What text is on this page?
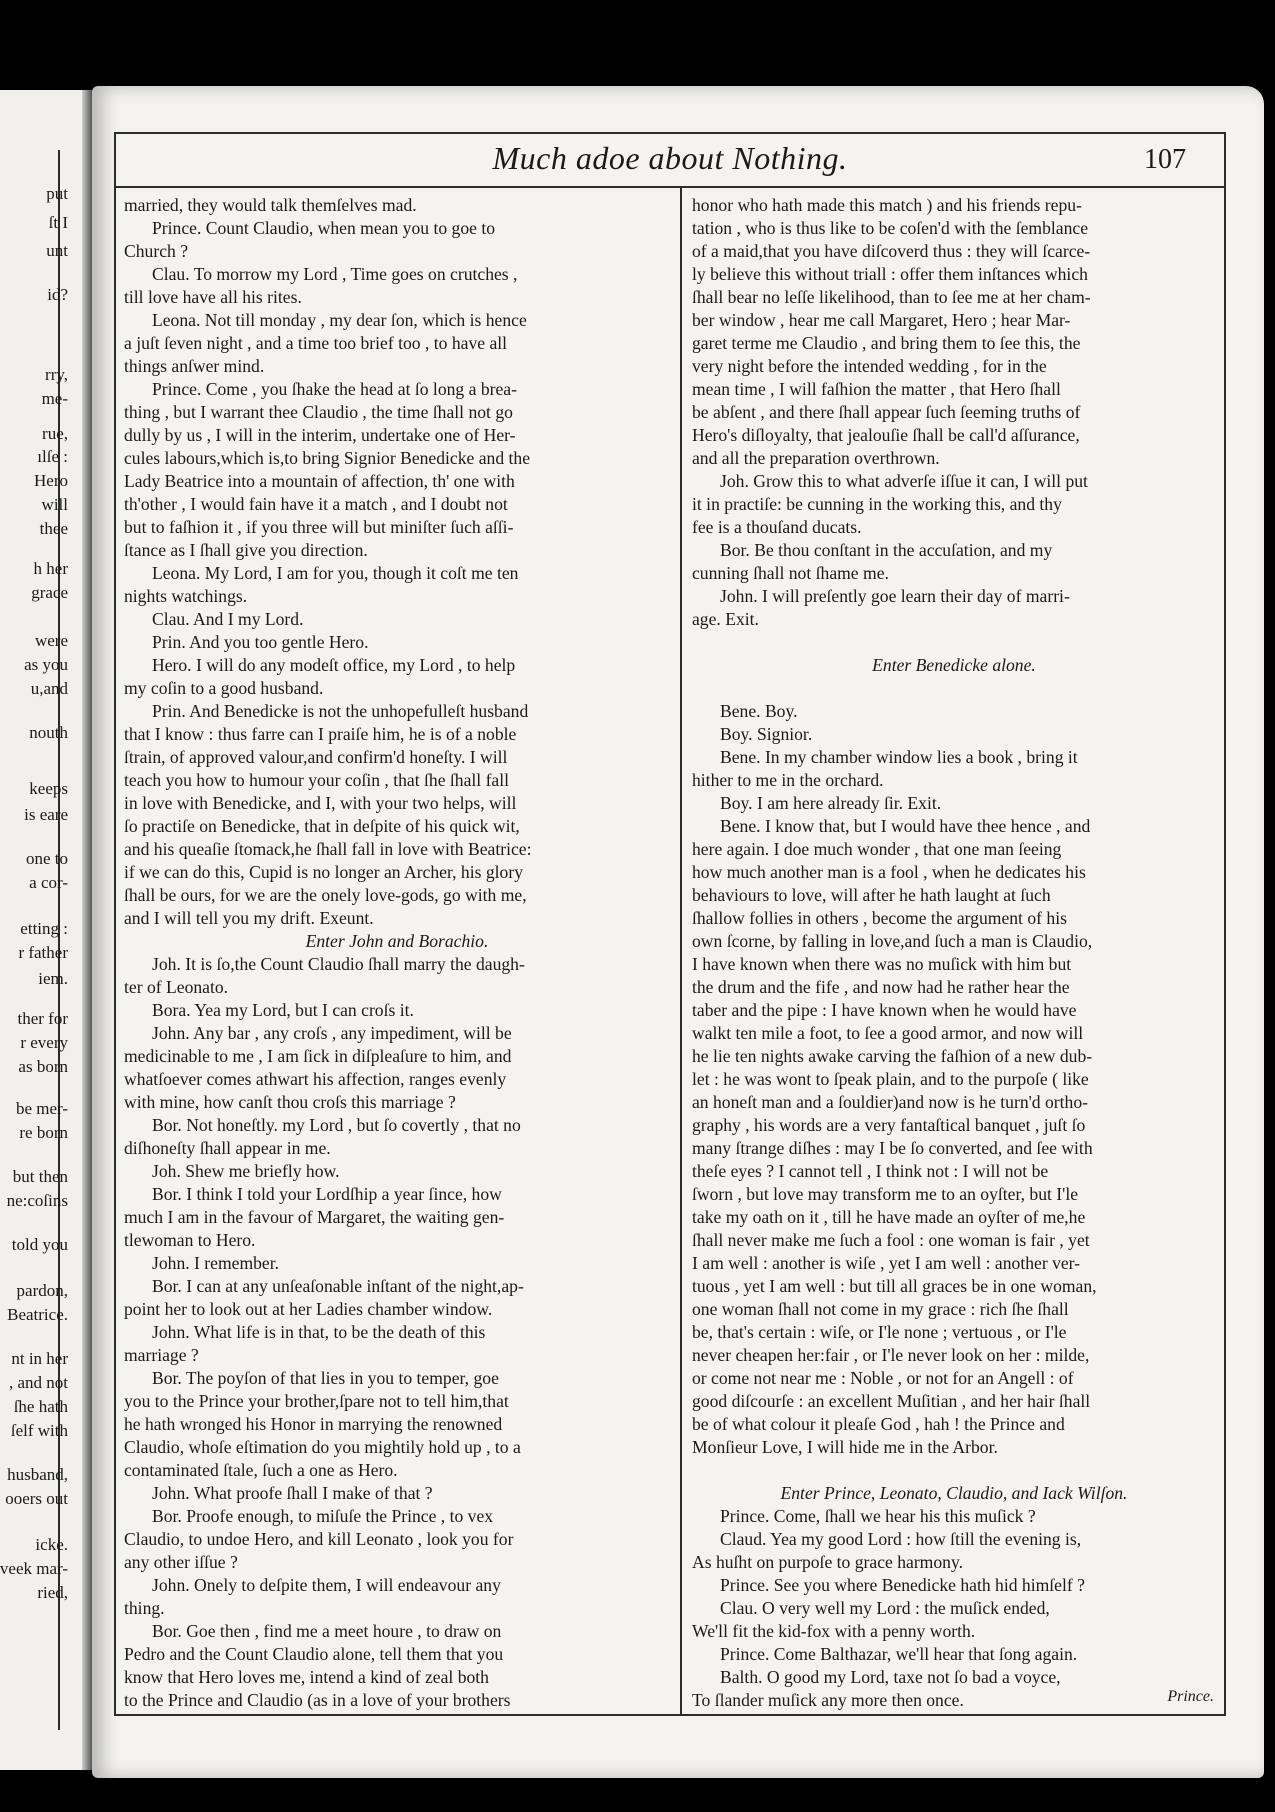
put
ſt I
unt
id?
rry,
me-
rue,
ılſe :
Hero
will
thee
h her
grace
were
as you
u,and
nouth
keeps
is eare
one to
a cor-
etting :
r father
iem.
ther for
r every
as born
be mer-
re born
but then
ne:coſins
told you
pardon,
Beatrice.
nt in her
, and not
ſhe hath
ſelf with
husband,
ooers out
icke.
veek mar-
ried,
Much adoe about Nothing.	107
married, they would talk themſelves mad.
Prince. Count Claudio, when mean you to goe to
Church ?
Clau. To morrow my Lord , Time goes on crutches ,
till love have all his rites.
Leona. Not till monday , my dear ſon, which is hence
a juſt ſeven night , and a time too brief too , to have all
things anſwer mind.
Prince. Come , you ſhake the head at ſo long a brea-
thing , but I warrant thee Claudio , the time ſhall not go
dully by us , I will in the interim, undertake one of Her-
cules labours,which is,to bring Signior Benedicke and the
Lady Beatrice into a mountain of affection, th' one with
th'other , I would fain have it a match , and I doubt not
but to faſhion it , if you three will but miniſter ſuch aſſi-
ſtance as I ſhall give you direction.
Leona. My Lord, I am for you, though it coſt me ten
nights watchings.
Clau. And I my Lord.
Prin. And you too gentle Hero.
Hero. I will do any modeſt office, my Lord , to help
my coſin to a good husband.
Prin. And Benedicke is not the unhopefulleſt husband
that I know : thus farre can I praiſe him, he is of a noble
ſtrain, of approved valour,and confirm'd honeſty. I will
teach you how to humour your coſin , that ſhe ſhall fall
in love with Benedicke, and I, with your two helps, will
ſo practiſe on Benedicke, that in deſpite of his quick wit,
and his queaſie ſtomack,he ſhall fall in love with Beatrice:
if we can do this, Cupid is no longer an Archer, his glory
ſhall be ours, for we are the onely love-gods, go with me,
and I will tell you my drift. Exeunt.
Enter John and Borachio.
Joh. It is ſo,the Count Claudio ſhall marry the daugh-
ter of Leonato.
Bora. Yea my Lord, but I can croſs it.
John. Any bar , any croſs , any impediment, will be
medicinable to me , I am ſick in diſpleaſure to him, and
whatſoever comes athwart his affection, ranges evenly
with mine, how canſt thou croſs this marriage ?
Bor. Not honeſtly. my Lord , but ſo covertly , that no
diſhoneſty ſhall appear in me.
Joh. Shew me briefly how.
Bor. I think I told your Lordſhip a year ſince, how
much I am in the favour of Margaret, the waiting gen-
tlewoman to Hero.
John. I remember.
Bor. I can at any unſeaſonable inſtant of the night,ap-
point her to look out at her Ladies chamber window.
John. What life is in that, to be the death of this
marriage ?
Bor. The poyſon of that lies in you to temper, goe
you to the Prince your brother,ſpare not to tell him,that
he hath wronged his Honor in marrying the renowned
Claudio, whoſe eſtimation do you mightily hold up , to a
contaminated ſtale, ſuch a one as Hero.
John. What proofe ſhall I make of that ?
Bor. Proofe enough, to miſuſe the Prince , to vex
Claudio, to undoe Hero, and kill Leonato , look you for
any other iſſue ?
John. Onely to deſpite them, I will endeavour any
thing.
Bor. Goe then , find me a meet houre , to draw on
Pedro and the Count Claudio alone, tell them that you
know that Hero loves me, intend a kind of zeal both
to the Prince and Claudio (as in a love of your brothers
honor who hath made this match ) and his friends repu-
tation , who is thus like to be coſen'd with the ſemblance
of a maid,that you have diſcoverd thus : they will ſcarce-
ly believe this without triall : offer them inſtances which
ſhall bear no leſſe likelihood, than to ſee me at her cham-
ber window , hear me call Margaret, Hero ; hear Mar-
garet terme me Claudio , and bring them to ſee this, the
very night before the intended wedding , for in the
mean time , I will faſhion the matter , that Hero ſhall
be abſent , and there ſhall appear ſuch ſeeming truths of
Hero's diſloyalty, that jealouſie ſhall be call'd aſſurance,
and all the preparation overthrown.
Joh. Grow this to what adverſe iſſue it can, I will put
it in practiſe: be cunning in the working this, and thy
fee is a thouſand ducats.
Bor. Be thou conſtant in the accuſation, and my
cunning ſhall not ſhame me.
John. I will preſently goe learn their day of marri-
age. Exit.
Enter Benedicke alone.
Bene. Boy.
Boy. Signior.
Bene. In my chamber window lies a book , bring it
hither to me in the orchard.
Boy. I am here already ſir. Exit.
Bene. I know that, but I would have thee hence , and
here again. I doe much wonder , that one man ſeeing
how much another man is a fool , when he dedicates his
behaviours to love, will after he hath laught at ſuch
ſhallow follies in others , become the argument of his
own ſcorne, by falling in love,and ſuch a man is Claudio,
I have known when there was no muſick with him but
the drum and the fife , and now had he rather hear the
taber and the pipe : I have known when he would have
walkt ten mile a foot, to ſee a good armor, and now will
he lie ten nights awake carving the faſhion of a new dub-
let : he was wont to ſpeak plain, and to the purpoſe ( like
an honeſt man and a ſouldier)and now is he turn'd ortho-
graphy , his words are a very fantaſtical banquet , juſt ſo
many ſtrange diſhes : may I be ſo converted, and ſee with
theſe eyes ? I cannot tell , I think not : I will not be
ſworn , but love may transform me to an oyſter, but I'le
take my oath on it , till he have made an oyſter of me,he
ſhall never make me ſuch a fool : one woman is fair , yet
I am well : another is wiſe , yet I am well : another ver-
tuous , yet I am well : but till all graces be in one woman,
one woman ſhall not come in my grace : rich ſhe ſhall
be, that's certain : wiſe, or I'le none ; vertuous , or I'le
never cheapen her:fair , or I'le never look on her : milde,
or come not near me : Noble , or not for an Angell : of
good diſcourſe : an excellent Muſitian , and her hair ſhall
be of what colour it pleaſe God , hah ! the Prince and
Monſieur Love, I will hide me in the Arbor.
Enter Prince, Leonato, Claudio, and Iack Wilſon.
Prince. Come, ſhall we hear his this muſick ?
Claud. Yea my good Lord : how ſtill the evening is,
As huſht on purpoſe to grace harmony.
Prince. See you where Benedicke hath hid himſelf ?
Clau. O very well my Lord : the muſick ended,
We'll fit the kid-fox with a penny worth.
Prince. Come Balthazar, we'll hear that ſong again.
Balth. O good my Lord, taxe not ſo bad a voyce,
To ſlander muſick any more then once.	Prince.
